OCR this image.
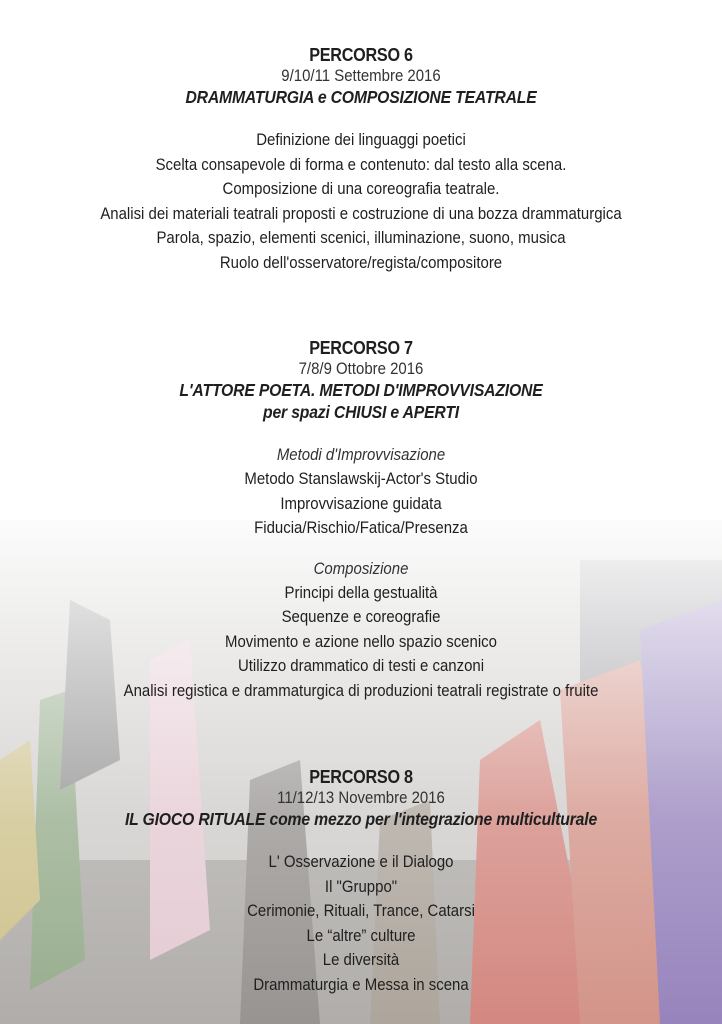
PERCORSO 6
9/10/11 Settembre 2016
DRAMMATURGIA e COMPOSIZIONE TEATRALE
Definizione dei linguaggi poetici
Scelta consapevole di forma e contenuto: dal testo alla scena.
Composizione di una coreografia teatrale.
Analisi dei materiali teatrali proposti e costruzione di una bozza drammaturgica
Parola, spazio, elementi scenici, illuminazione, suono, musica
Ruolo dell'osservatore/regista/compositore
PERCORSO 7
7/8/9 Ottobre 2016
L'ATTORE POETA. METODI D'IMPROVVISAZIONE
per spazi CHIUSI e APERTI
Metodi d'Improvvisazione
Metodo Stanslawskij-Actor's Studio
Improvvisazione guidata
Fiducia/Rischio/Fatica/Presenza
Composizione
Principi della gestualità
Sequenze e coreografie
Movimento e azione nello spazio scenico
Utilizzo drammatico di testi e canzoni
Analisi registica e drammaturgica di produzioni teatrali registrate o fruite
PERCORSO 8
11/12/13 Novembre 2016
IL GIOCO RITUALE come mezzo per l'integrazione multiculturale
L' Osservazione e il Dialogo
Il "Gruppo"
Cerimonie, Rituali, Trance, Catarsi
Le “altre” culture
Le diversità
Drammaturgia e Messa in scena
